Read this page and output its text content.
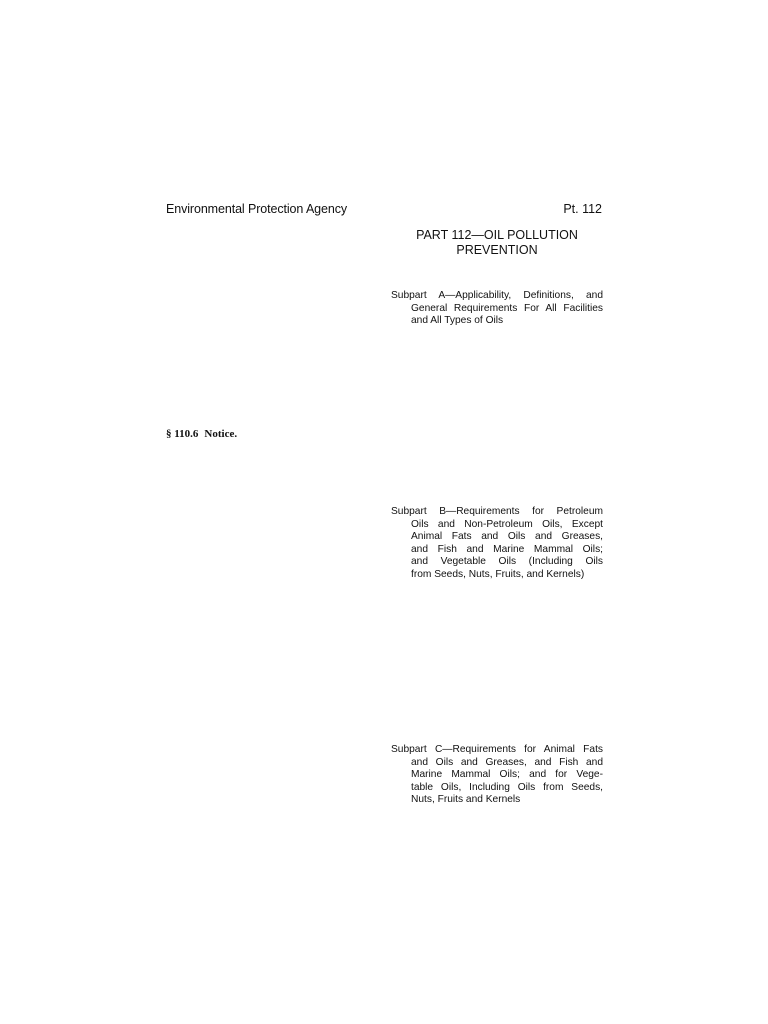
Environmental Protection Agency	Pt. 112
PART 112—OIL POLLUTION
PREVENTION
Subpart A—Applicability, Definitions, and
General Requirements For All Facilities
and All Types of Oils
§ 110.6 Notice.
Subpart B—Requirements for Petroleum
Oils and Non-Petroleum Oils, Except
Animal Fats and Oils and Greases,
and Fish and Marine Mammal Oils;
and Vegetable Oils (Including Oils
from Seeds, Nuts, Fruits, and Kernels)
Subpart C—Requirements for Animal Fats
and Oils and Greases, and Fish and
Marine Mammal Oils; and for Vege-
table Oils, Including Oils from Seeds,
Nuts, Fruits and Kernels
